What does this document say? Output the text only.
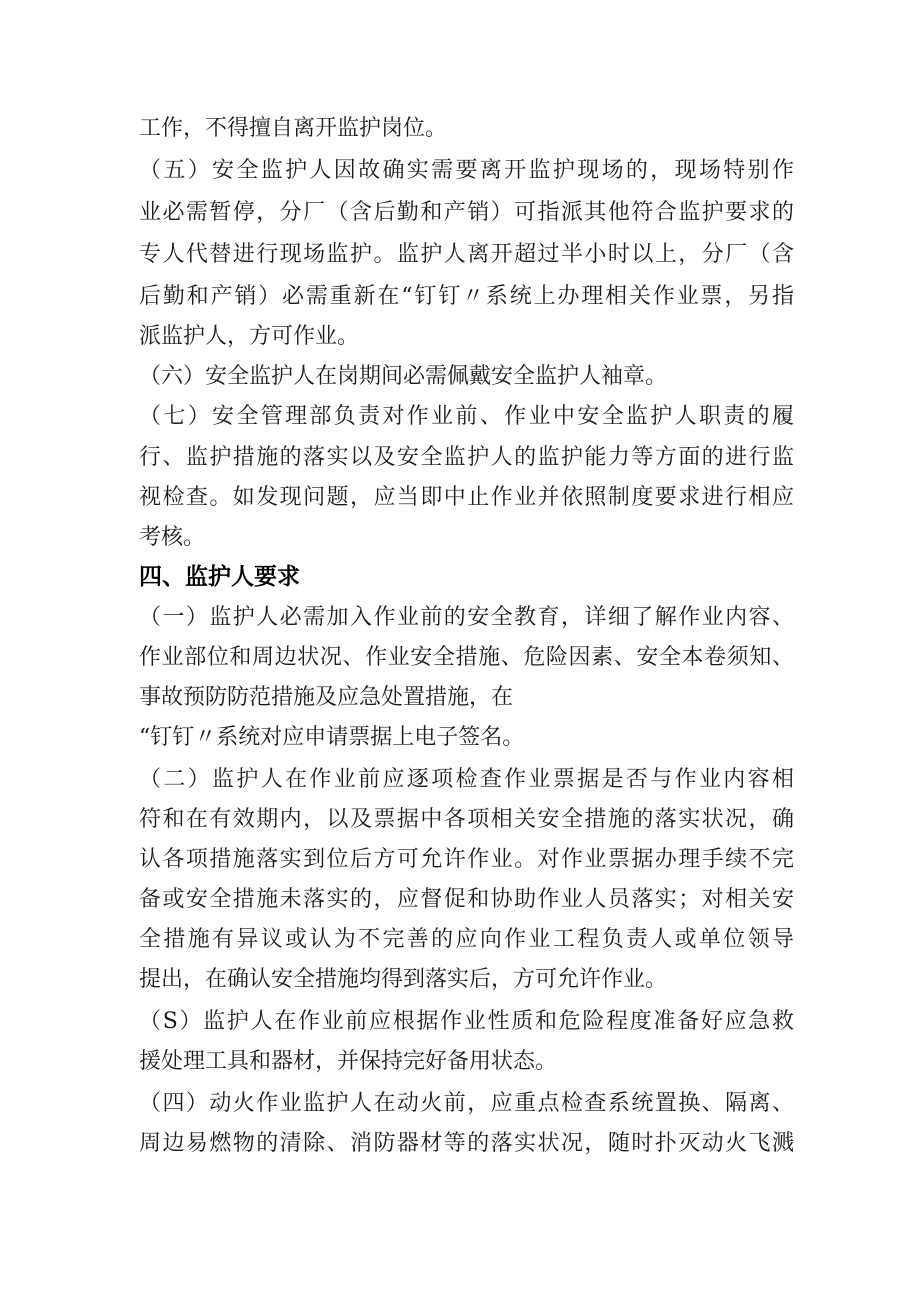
工作，不得擅自离开监护岗位。
（五）安全监护人因故确实需要离开监护现场的，现场特别作
业必需暂停，分厂（含后勤和产销）可指派其他符合监护要求的
专人代替进行现场监护。监护人离开超过半小时以上，分厂（含
后勤和产销）必需重新在“钉钉〃系统上办理相关作业票，另指
派监护人，方可作业。
（六）安全监护人在岗期间必需佩戴安全监护人袖章。
（七）安全管理部负责对作业前、作业中安全监护人职责的履
行、监护措施的落实以及安全监护人的监护能力等方面的进行监
视检查。如发现问题，应当即中止作业并依照制度要求进行相应
考核。
四、监护人要求
（一）监护人必需加入作业前的安全教育，详细了解作业内容、
作业部位和周边状况、作业安全措施、危险因素、安全本卷须知、
事故预防防范措施及应急处置措施，在
“钉钉〃系统对应申请票据上电子签名。
（二）监护人在作业前应逐项检查作业票据是否与作业内容相
符和在有效期内，以及票据中各项相关安全措施的落实状况，确
认各项措施落实到位后方可允许作业。对作业票据办理手续不完
备或安全措施未落实的，应督促和协助作业人员落实；对相关安
全措施有异议或认为不完善的应向作业工程负责人或单位领导
提出，在确认安全措施均得到落实后，方可允许作业。
（S）监护人在作业前应根据作业性质和危险程度准备好应急救
援处理工具和器材，并保持完好备用状态。
（四）动火作业监护人在动火前，应重点检查系统置换、隔离、
周边易燃物的清除、消防器材等的落实状况，随时扑灭动火飞溅
